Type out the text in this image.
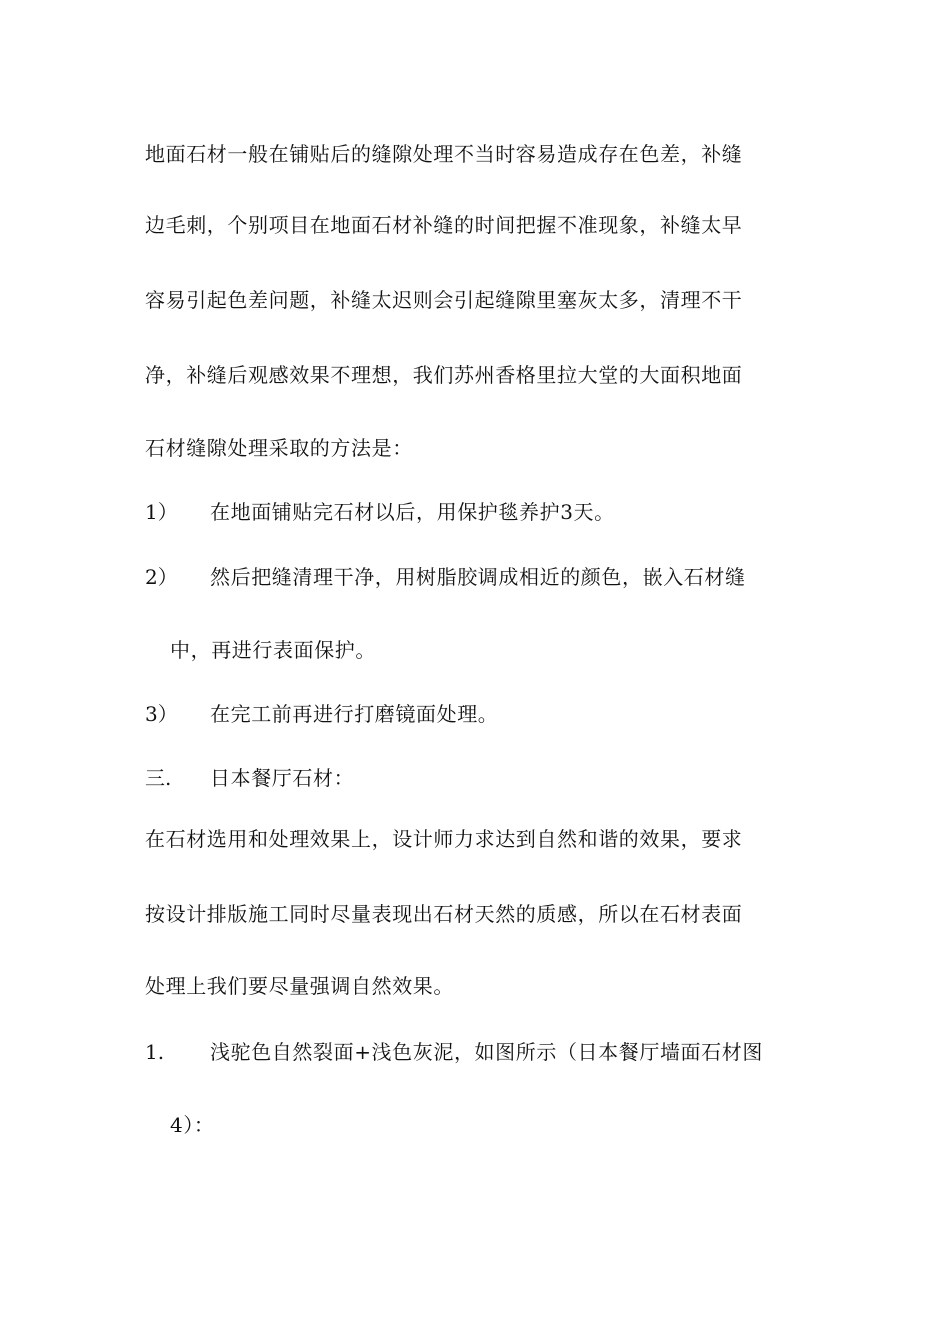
地面石材一般在铺贴后的缝隙处理不当时容易造成存在色差，补缝
边毛刺，个别项目在地面石材补缝的时间把握不准现象，补缝太早
容易引起色差问题，补缝太迟则会引起缝隙里塞灰太多，清理不干
净，补缝后观感效果不理想，我们苏州香格里拉大堂的大面积地面
石材缝隙处理采取的方法是：
1） 在地面铺贴完石材以后，用保护毯养护3天。
2） 然后把缝清理干净，用树脂胶调成相近的颜色，嵌入石材缝
中，再进行表面保护。
3） 在完工前再进行打磨镜面处理。
三. 日本餐厅石材：
在石材选用和处理效果上，设计师力求达到自然和谐的效果，要求
按设计排版施工同时尽量表现出石材天然的质感，所以在石材表面
处理上我们要尽量强调自然效果。
1. 浅驼色自然裂面+浅色灰泥，如图所示（日本餐厅墙面石材图
4）：
